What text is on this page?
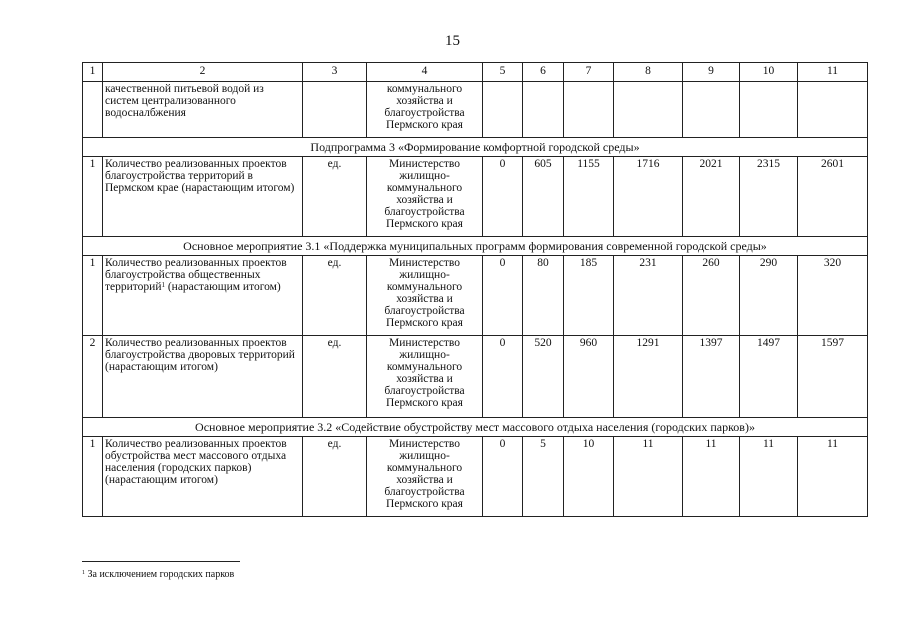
15
1	2	3	4	5	6	7	8	9	10	11
	качественной питьевой водой из систем централизованного водосналбжения		коммунального хозяйства и благоустройства Пермского края							
Подпрограмма 3 «Формирование комфортной городской среды»										
1	Количество реализованных проектов благоустройства территорий в Пермском крае (нарастающим итогом)	ед.	Министерство жилищно-коммунального хозяйства и благоустройства Пермского края	0	605	1155	1716	2021	2315	2601
Основное мероприятие 3.1 «Поддержка муниципальных программ формирования современной городской среды»										
1	Количество реализованных проектов благоустройства общественных территорий$^1$ (нарастающим итогом)	ед.	Министерство жилищно-коммунального хозяйства и благоустройства Пермского края	0	80	185	231	260	290	320
2	Количество реализованных проектов благоустройства дворовых территорий (нарастающим итогом)	ед.	Министерство жилищно-коммунального хозяйства и благоустройства Пермского края	0	520	960	1291	1397	1497	1597
Основное мероприятие 3.2 «Содействие обустройству мест массового отдыха населения (городских парков)»										
1	Количество реализованных проектов обустройства мест массового отдыха населения (городских парков) (нарастающим итогом)	ед.	Министерство жилищно-коммунального хозяйства и благоустройства Пермского края	0	5	10	11	11	11	11
$^1$ За исключением городских парков
